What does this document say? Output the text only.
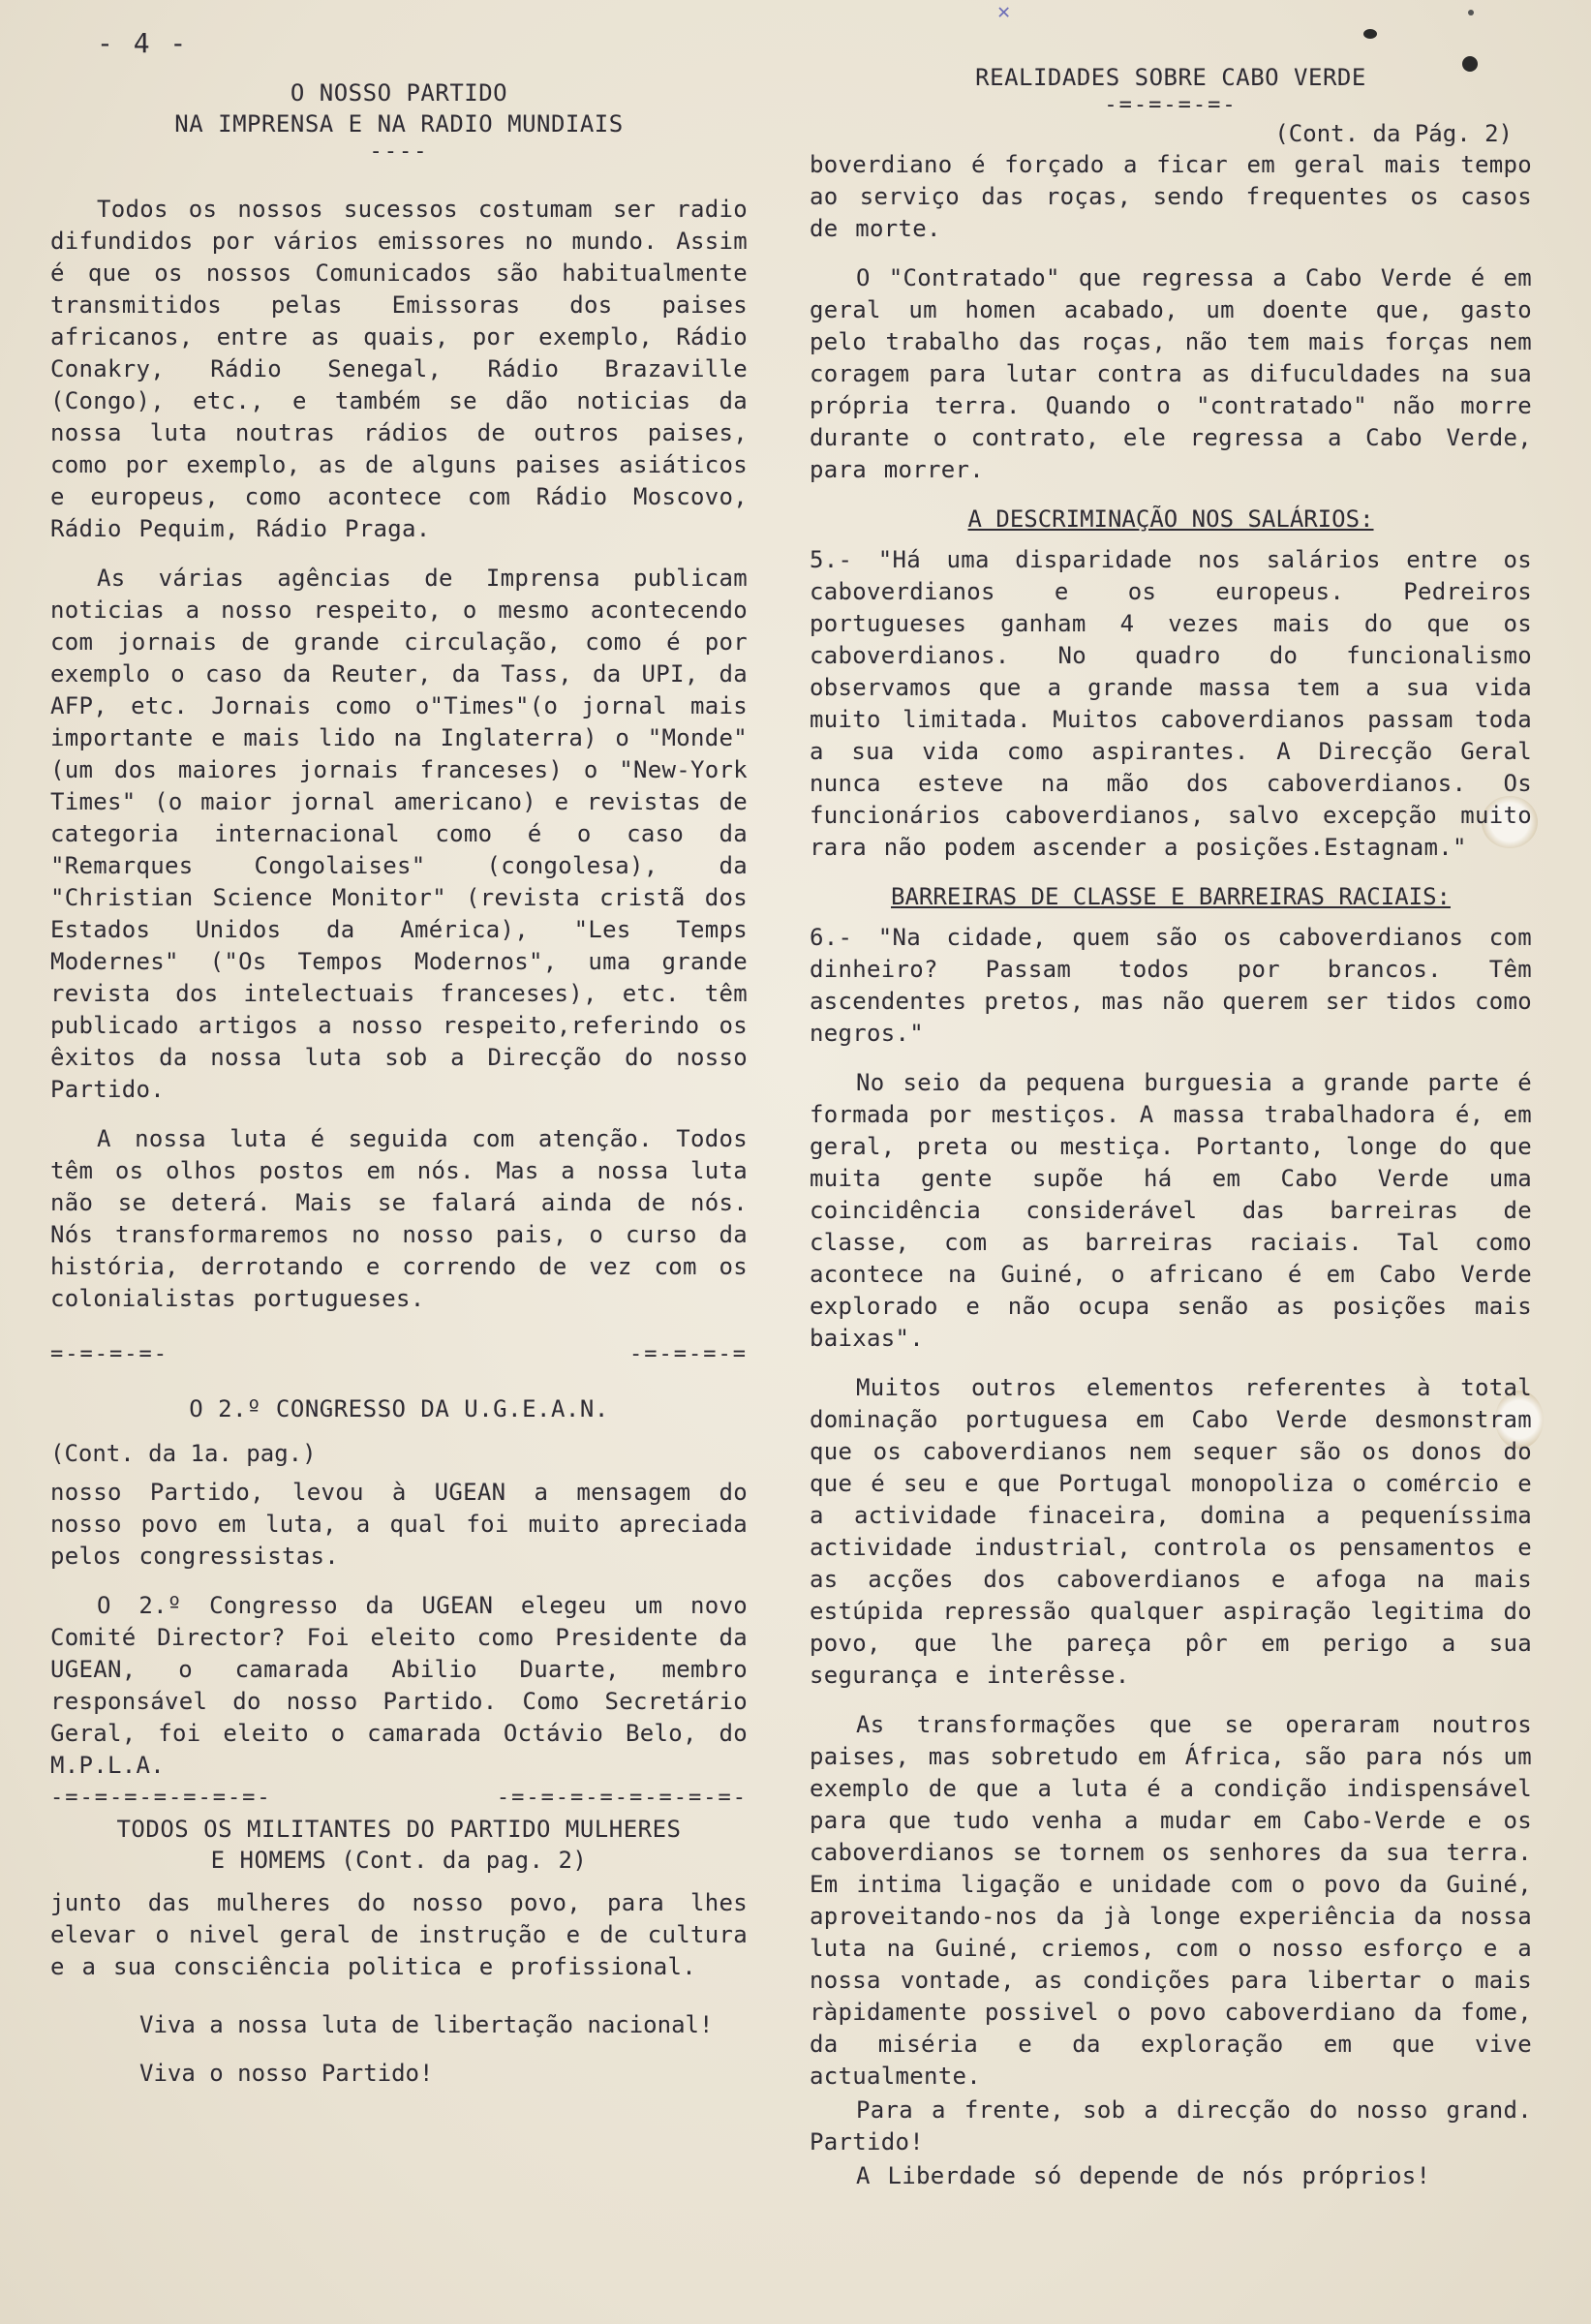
✕
- 4 -

O NOSSO PARTIDO

NA IMPRENSA E NA RADIO MUNDIAIS

----

Todos os nossos sucessos costumam ser radio difundidos por vários emissores no mundo. Assim é que os nossos Comunicados são habitualmente transmitidos pelas Emissoras dos paises africanos, entre as quais, por exemplo, Rádio Conakry, Rádio Senegal, Rádio Brazaville (Congo), etc., e também se dão noticias da nossa luta noutras rádios de outros paises, como por exemplo, as de alguns paises asiáticos e europeus, como acontece com Rádio Moscovo, Rádio Pequim, Rádio Praga.

As várias agências de Imprensa publicam noticias a nosso respeito, o mesmo acontecendo com jornais de grande circulação, como é por exemplo o caso da Reuter, da Tass, da UPI, da AFP, etc. Jornais como o"Times"(o jornal mais importante e mais lido na Inglaterra) o "Monde"(um dos maiores jornais franceses) o "New-York Times" (o maior jornal americano) e revistas de categoria internacional como é o caso da "Remarques Congolaises" (congolesa), da "Christian Science Monitor" (revista cristã dos Estados Unidos da América), "Les Temps Modernes" ("Os Tempos Modernos", uma grande revista dos intelectuais franceses), etc. têm publicado artigos a nosso respeito,referindo os êxitos da nossa luta sob a Direcção do nosso Partido.

A nossa luta é seguida com atenção. Todos têm os olhos postos em nós. Mas a nossa luta não se deterá. Mais se falará ainda de nós. Nós transformaremos no nosso pais, o curso da história, derrotando e correndo de vez com os colonialistas portugueses.

=-=-=-=-	-=-=-=-=

O 2.º CONGRESSO DA U.G.E.A.N.

(Cont. da 1a. pag.)

nosso Partido, levou à UGEAN a mensagem do nosso povo em luta, a qual foi muito apreciada pelos congressistas.

O 2.º Congresso da UGEAN elegeu um novo Comité Director? Foi eleito como Presidente da UGEAN, o camarada Abilio Duarte, membro responsável do nosso Partido. Como Secretário Geral, foi eleito o camarada Octávio Belo, do M.P.L.A.

-=-=-=-=-=-=-=-	-=-=-=-=-=-=-=-=-

TODOS OS MILITANTES DO PARTIDO MULHERES

E HOMEMS (Cont. da pag. 2)

junto das mulheres do nosso povo, para lhes elevar o nivel geral de instrução e de cultura e a sua consciência politica e profissional.

Viva a nossa luta de libertação nacional!

Viva o nosso Partido!

REALIDADES SOBRE CABO VERDE

-=-=-=-=-

(Cont. da Pág. 2)

boverdiano é forçado a ficar em geral mais tempo ao serviço das roças, sendo frequentes os casos de morte.

O "Contratado" que regressa a Cabo Verde é em geral um homen acabado, um doente que, gasto pelo trabalho das roças, não tem mais forças nem coragem para lutar contra as difuculdades na sua própria terra. Quando o "contratado" não morre durante o contrato, ele regressa a Cabo Verde, para morrer.

A DESCRIMINAÇÃO NOS SALÁRIOS:

5.- "Há uma disparidade nos salários entre os caboverdianos e os europeus. Pedreiros portugueses ganham 4 vezes mais do que os caboverdianos. No quadro do funcionalismo observamos que a grande massa tem a sua vida muito limitada. Muitos caboverdianos passam toda a sua vida como aspirantes. A Direcção Geral nunca esteve na mão dos caboverdianos. Os funcionários caboverdianos, salvo excepção muito rara não podem ascender a posições.Estagnam."

BARREIRAS DE CLASSE E BARREIRAS RACIAIS:

6.- "Na cidade, quem são os caboverdianos com dinheiro? Passam todos por brancos. Têm ascendentes pretos, mas não querem ser tidos como negros."

No seio da pequena burguesia a grande parte é formada por mestiços. A massa trabalhadora é, em geral, preta ou mestiça. Portanto, longe do que muita gente supõe há em Cabo Verde uma coincidência considerável das barreiras de classe, com as barreiras raciais. Tal como acontece na Guiné, o africano é em Cabo Verde explorado e não ocupa senão as posições mais baixas".

Muitos outros elementos referentes à total dominação portuguesa em Cabo Verde desmonstram que os caboverdianos nem sequer são os donos do que é seu e que Portugal monopoliza o comércio e a actividade finaceira, domina a pequeníssima actividade industrial, controla os pensamentos e as acções dos caboverdianos e afoga na mais estúpida repressão qualquer aspiração legitima do povo, que lhe pareça pôr em perigo a sua segurança e interêsse.

As transformações que se operaram noutros paises, mas sobretudo em África, são para nós um exemplo de que a luta é a condição indispensável para que tudo venha a mudar em Cabo-Verde e os caboverdianos se tornem os senhores da sua terra. Em intima ligação e unidade com o povo da Guiné, aproveitando-nos da jà longe experiência da nossa luta na Guiné, criemos, com o nosso esforço e a nossa vontade, as condições para libertar o mais ràpidamente possivel o povo caboverdiano da fome, da miséria e da exploração em que vive actualmente.

Para a frente, sob a direcção do nosso grand. Partido!

A Liberdade só depende de nós próprios!
